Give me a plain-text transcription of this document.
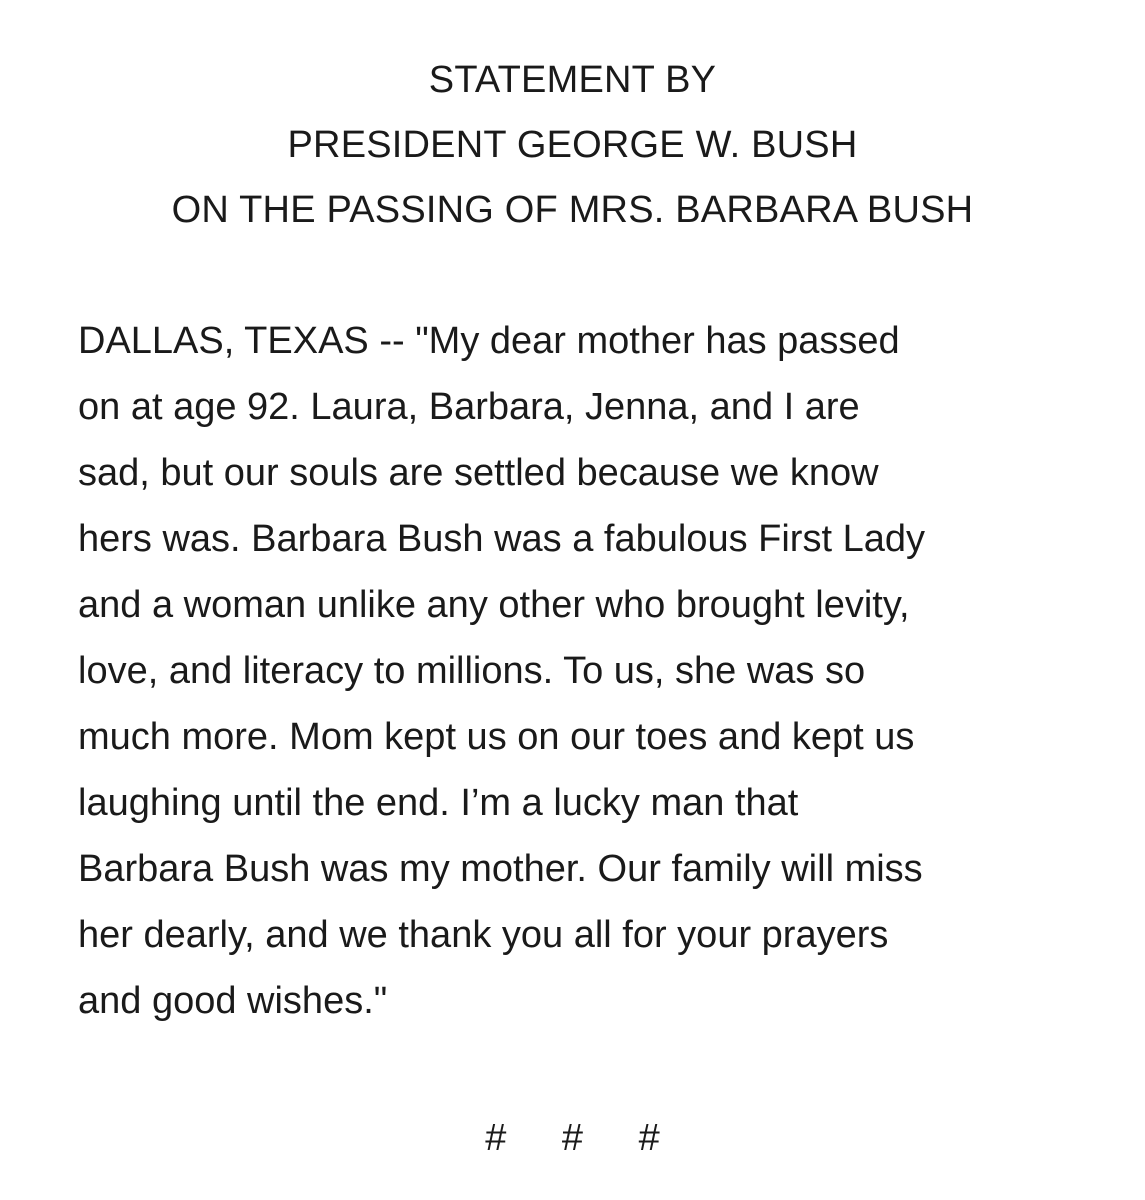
STATEMENT BY
PRESIDENT GEORGE W. BUSH
ON THE PASSING OF MRS. BARBARA BUSH
DALLAS, TEXAS -- "My dear mother has passed
on at age 92. Laura, Barbara, Jenna, and I are
sad, but our souls are settled because we know
hers was. Barbara Bush was a fabulous First Lady
and a woman unlike any other who brought levity,
love, and literacy to millions. To us, she was so
much more. Mom kept us on our toes and kept us
laughing until the end. I’m a lucky man that
Barbara Bush was my mother. Our family will miss
her dearly, and we thank you all for your prayers
and good wishes."
# # #
